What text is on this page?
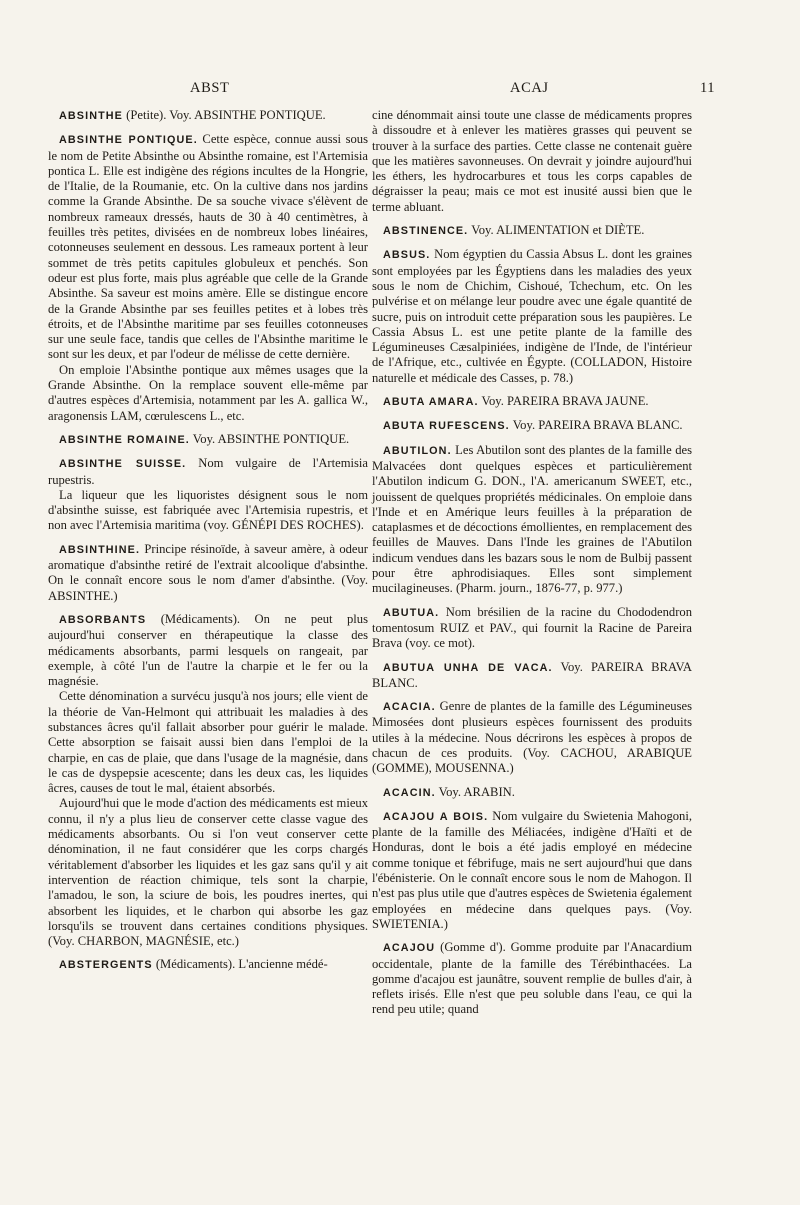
ABST	ACAJ	11

ABSINTHE (Petite). Voy. ABSINTHE PONTIQUE.

ABSINTHE PONTIQUE. Cette espèce, connue aussi sous le nom de Petite Absinthe ou Absinthe romaine, est l'Artemisia pontica L. Elle est indigène des régions incultes de la Hongrie, de l'Italie, de la Roumanie, etc. On la cultive dans nos jardins comme la Grande Absinthe. De sa souche vivace s'élèvent de nombreux rameaux dressés, hauts de 30 à 40 centimètres, à feuilles très petites, divisées en de nombreux lobes linéaires, cotonneuses seulement en dessous. Les rameaux portent à leur sommet de très petits capitules globuleux et penchés. Son odeur est plus forte, mais plus agréable que celle de la Grande Absinthe. Sa saveur est moins amère. Elle se distingue encore de la Grande Absinthe par ses feuilles petites et à lobes très étroits, et de l'Absinthe maritime par ses feuilles cotonneuses sur une seule face, tandis que celles de l'Absinthe maritime le sont sur les deux, et par l'odeur de mélisse de cette dernière.

On emploie l'Absinthe pontique aux mêmes usages que la Grande Absinthe. On la remplace souvent elle-même par d'autres espèces d'Artemisia, notamment par les A. gallica W., aragonensis LAM, cœrulescens L., etc.

ABSINTHE ROMAINE. Voy. ABSINTHE PONTIQUE.

ABSINTHE SUISSE. Nom vulgaire de l'Artemisia rupestris.

La liqueur que les liquoristes désignent sous le nom d'absinthe suisse, est fabriquée avec l'Artemisia rupestris, et non avec l'Artemisia maritima (voy. GÉNÉPI DES ROCHES).

ABSINTHINE. Principe résinoïde, à saveur amère, à odeur aromatique d'absinthe retiré de l'extrait alcoolique d'absinthe. On le connaît encore sous le nom d'amer d'absinthe. (Voy. ABSINTHE.)

ABSORBANTS (Médicaments). On ne peut plus aujourd'hui conserver en thérapeutique la classe des médicaments absorbants, parmi lesquels on rangeait, par exemple, à côté l'un de l'autre la charpie et le fer ou la magnésie.

Cette dénomination a survécu jusqu'à nos jours; elle vient de la théorie de Van-Helmont qui attribuait les maladies à des substances âcres qu'il fallait absorber pour guérir le malade. Cette absorption se faisait aussi bien dans l'emploi de la charpie, en cas de plaie, que dans l'usage de la magnésie, dans le cas de dyspepsie acescente; dans les deux cas, les liquides âcres, causes de tout le mal, étaient absorbés.

Aujourd'hui que le mode d'action des médicaments est mieux connu, il n'y a plus lieu de conserver cette classe vague des médicaments absorbants. Ou si l'on veut conserver cette dénomination, il ne faut considérer que les corps chargés véritablement d'absorber les liquides et les gaz sans qu'il y ait intervention de réaction chimique, tels sont la charpie, l'amadou, le son, la sciure de bois, les poudres inertes, qui absorbent les liquides, et le charbon qui absorbe les gaz lorsqu'ils se trouvent dans certaines conditions physiques. (Voy. CHARBON, MAGNÉSIE, etc.)

ABSTERGENTS (Médicaments). L'ancienne médé-

cine dénommait ainsi toute une classe de médicaments propres à dissoudre et à enlever les matières grasses qui peuvent se trouver à la surface des parties. Cette classe ne contenait guère que les matières savonneuses. On devrait y joindre aujourd'hui les éthers, les hydrocarbures et tous les corps capables de dégraisser la peau; mais ce mot est inusité aussi bien que le terme abluant.

ABSTINENCE. Voy. ALIMENTATION et DIÈTE.

ABSUS. Nom égyptien du Cassia Absus L. dont les graines sont employées par les Égyptiens dans les maladies des yeux sous le nom de Chichim, Cishoué, Tchechum, etc. On les pulvérise et on mélange leur poudre avec une égale quantité de sucre, puis on introduit cette préparation sous les paupières. Le Cassia Absus L. est une petite plante de la famille des Légumineuses Cæsalpiniées, indigène de l'Inde, de l'intérieur de l'Afrique, etc., cultivée en Égypte. (COLLADON, Histoire naturelle et médicale des Casses, p. 78.)

ABUTA AMARA. Voy. PAREIRA BRAVA JAUNE.

ABUTA RUFESCENS. Voy. PAREIRA BRAVA BLANC.

ABUTILON. Les Abutilon sont des plantes de la famille des Malvacées dont quelques espèces et particulièrement l'Abutilon indicum G. DON., l'A. americanum SWEET, etc., jouissent de quelques propriétés médicinales. On emploie dans l'Inde et en Amérique leurs feuilles à la préparation de cataplasmes et de décoctions émollientes, en remplacement des feuilles de Mauves. Dans l'Inde les graines de l'Abutilon indicum vendues dans les bazars sous le nom de Bulbij passent pour être aphrodisiaques. Elles sont simplement mucilagineuses. (Pharm. journ., 1876-77, p. 977.)

ABUTUA. Nom brésilien de la racine du Chododendron tomentosum RUIZ et PAV., qui fournit la Racine de Pareira Brava (voy. ce mot).

ABUTUA UNHA DE VACA. Voy. PAREIRA BRAVA BLANC.

ACACIA. Genre de plantes de la famille des Légumineuses Mimosées dont plusieurs espèces fournissent des produits utiles à la médecine. Nous décrirons les espèces à propos de chacun de ces produits. (Voy. CACHOU, ARABIQUE (GOMME), MOUSENNA.)

ACACIN. Voy. ARABIN.

ACAJOU A BOIS. Nom vulgaire du Swietenia Mahogoni, plante de la famille des Méliacées, indigène d'Haïti et de Honduras, dont le bois a été jadis employé en médecine comme tonique et fébrifuge, mais ne sert aujourd'hui que dans l'ébénisterie. On le connaît encore sous le nom de Mahogon. Il n'est pas plus utile que d'autres espèces de Swietenia également employées en médecine dans quelques pays. (Voy. SWIETENIA.)

ACAJOU (Gomme d'). Gomme produite par l'Anacardium occidentale, plante de la famille des Térébinthacées. La gomme d'acajou est jaunâtre, souvent remplie de bulles d'air, à reflets irisés. Elle n'est que peu soluble dans l'eau, ce qui la rend peu utile; quand
